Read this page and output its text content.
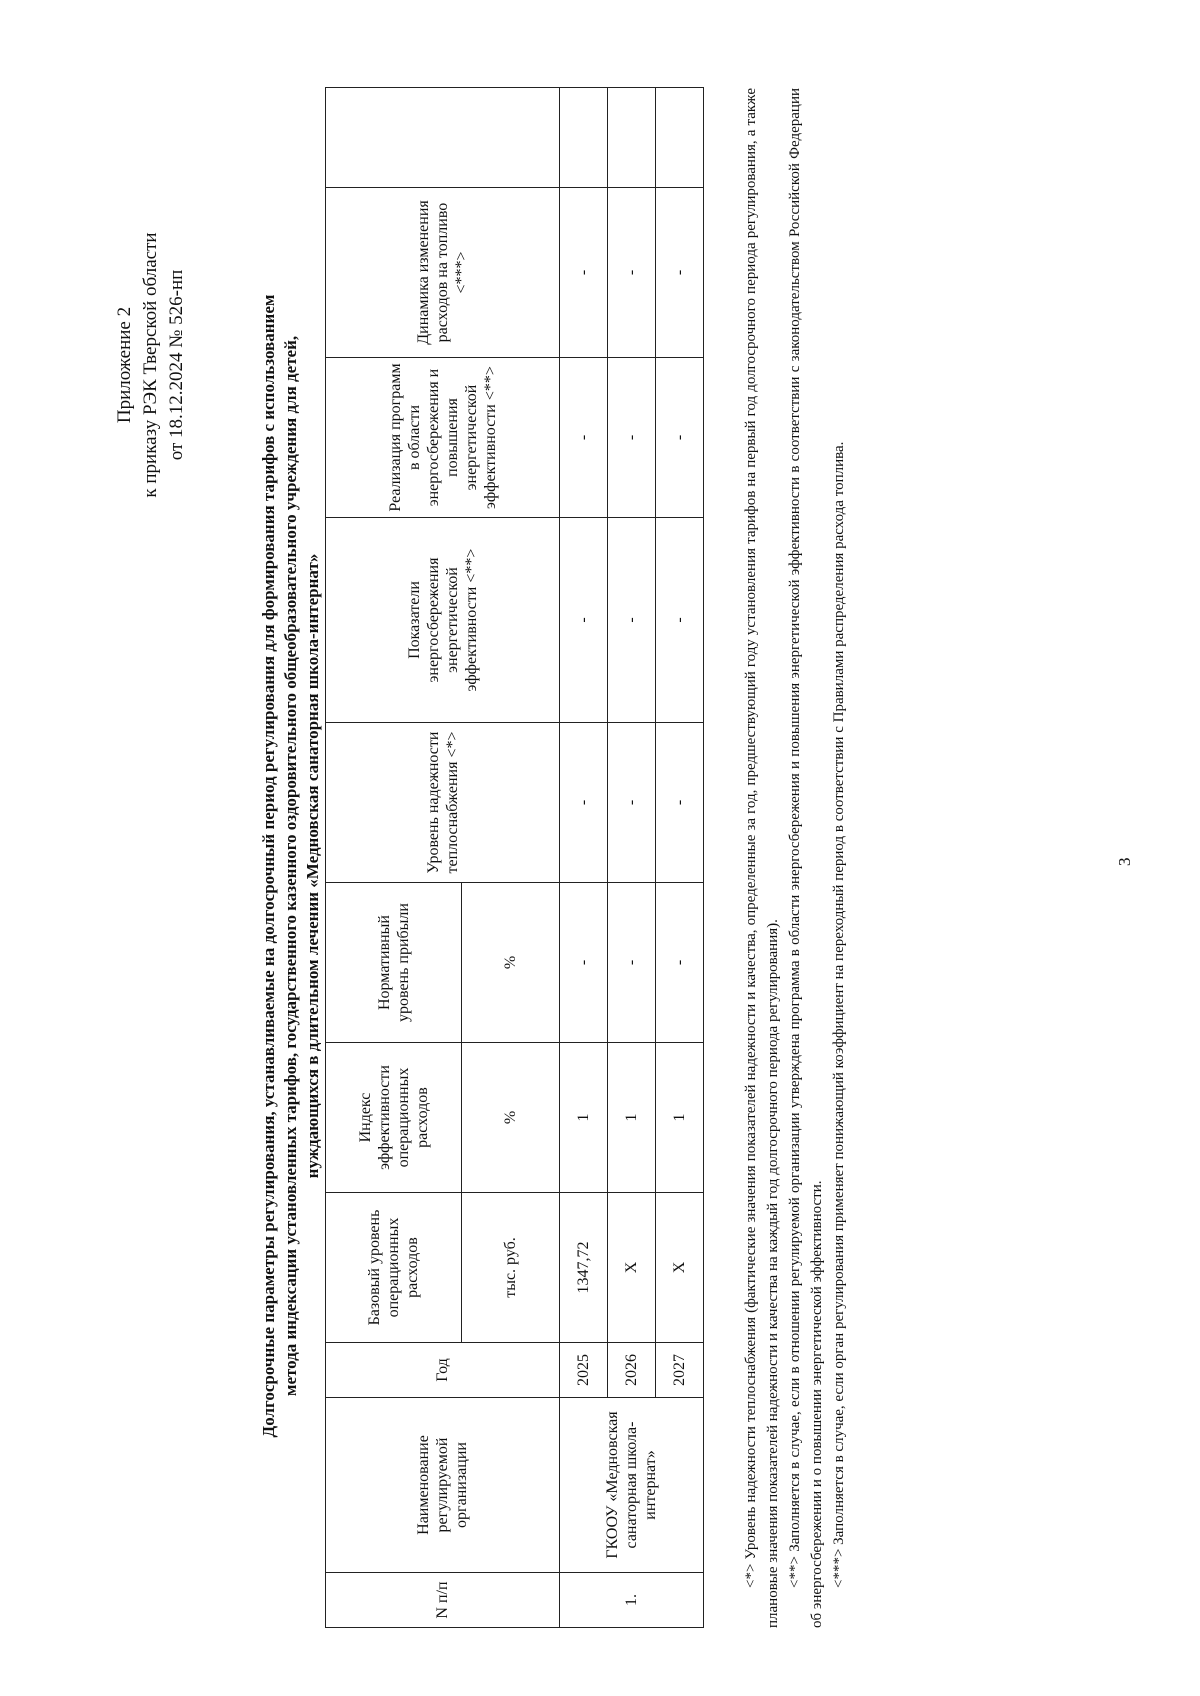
3
Приложение 2 к приказу РЭК Тверской области от 18.12.2024 № 526-нп	Долгосрочные параметры регулирования, устанавливаемые на долгосрочный период регулирования для формирования тарифов с использованием метода индексации установленных тарифов, государственного казенного оздоровительного общеобразовательного учреждения для детей, нуждающихся в длительном лечении «Медновская санаторная школа-интернат»
N п/п	Наименование регулируемой организации	Год	Базовый уровень операционных расходов	Индекс эффективности операционных расходов	Нормативный уровень прибыли	Уровень надежности теплоснабжения <*>	Показатели энергосбережения энергетической эффективности <**>	Реализация программ в области энергосбережения и повышения энергетической эффективности <**>	Динамика изменения расходов на топливо <***>	
			тыс. руб.	%	%					
1.	ГКООУ «Медновская санаторная школа-интернат»	2025	1347,72	1	-	-	-	-	-	
		2026	Х	1	-	-	-	-	-	
		2027	Х	1	-	-	-	-	-		<*> Уровень надежности теплоснабжения (фактические значения показателей надежности и качества, определенные за год, предшествующий году установления тарифов на первый год долгосрочного периода регулирования, а также плановые значения показателей надежности и качества на каждый год долгосрочного периода регулирования). <**> Заполняется в случае, если в отношении регулируемой организации утверждена программа в области энергосбережения и повышения энергетической эффективности в соответствии с законодательством Российской Федерации об энергосбережении и о повышении энергетической эффективности. <***> Заполняется в случае, если орган регулирования применяет понижающий коэффициент на переходный период в соответствии с Правилами распределения расхода топлива.
